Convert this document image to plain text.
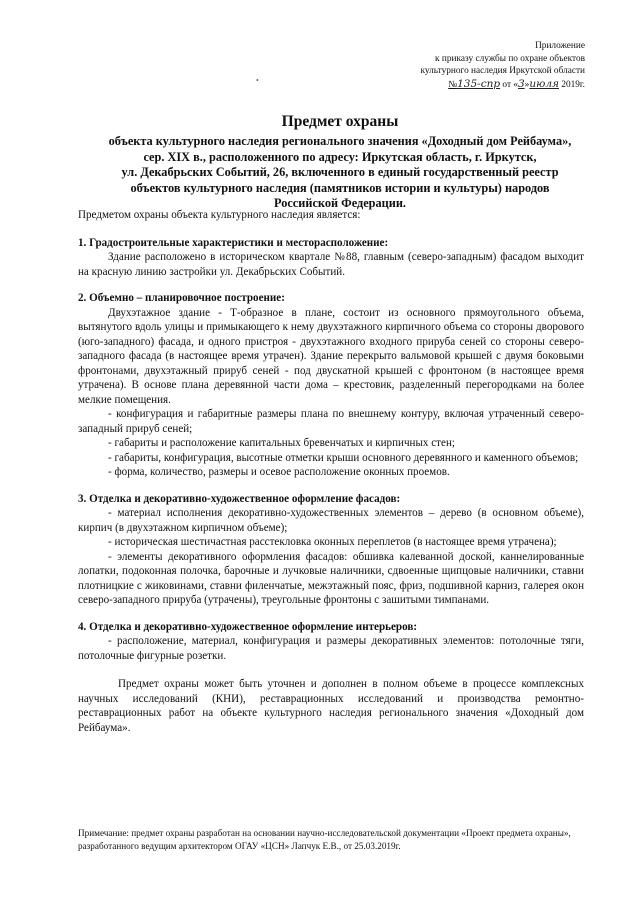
•
Приложение
к приказу службы по охране объектов
культурного наследия Иркутской области
№135-спр от «3»июля 2019г.
Предмет охраны
объекта культурного наследия регионального значения «Доходный дом Рейбаума»,
сер. XIX в., расположенного по адресу: Иркутская область, г. Иркутск,
ул. Декабрьских Событий, 26, включенного в единый государственный реестр
объектов культурного наследия (памятников истории и культуры) народов
Российской Федерации.

Предметом охраны объекта культурного наследия является:

1. Градостроительные характеристики и месторасположение:

Здание расположено в историческом квартале №88, главным (северо-западным) фасадом выходит на красную линию застройки ул. Декабрьских Событий.

2. Объемно – планировочное построение:

Двухэтажное здание - Т-образное в плане, состоит из основного прямоугольного объема, вытянутого вдоль улицы и примыкающего к нему двухэтажного кирпичного объема со стороны дворового (юго-западного) фасада, и одного пристроя - двухэтажного входного прируба сеней со стороны северо-западного фасада (в настоящее время утрачен). Здание перекрыто вальмовой крышей с двумя боковыми фронтонами, двухэтажный прируб сеней - под двускатной крышей с фронтоном (в настоящее время утрачена). В основе плана деревянной части дома – крестовик, разделенный перегородками на более мелкие помещения.

- конфигурация и габаритные размеры плана по внешнему контуру, включая утраченный северо-западный прируб сеней;

- габариты и расположение капитальных бревенчатых и кирпичных стен;

- габариты, конфигурация, высотные отметки крыши основного деревянного и каменного объемов;

- форма, количество, размеры и осевое расположение оконных проемов.

3. Отделка и декоративно-художественное оформление фасадов:

- материал исполнения декоративно-художественных элементов – дерево (в основном объеме), кирпич (в двухэтажном кирпичном объеме);

- историческая шестичастная расстекловка оконных переплетов (в настоящее время утрачена);

- элементы декоративного оформления фасадов: обшивка калеванной доской, каннелированные лопатки, подоконная полочка, барочные и лучковые наличники, сдвоенные щипцовые наличники, ставни плотницкие с жиковинами, ставни филенчатые, межэтажный пояс, фриз, подшивной карниз, галерея окон северо-западного прируба (утрачены), треугольные фронтоны с зашитыми тимпанами.

4. Отделка и декоративно-художественное оформление интерьеров:

- расположение, материал, конфигурация и размеры декоративных элементов: потолочные тяги, потолочные фигурные розетки.

Предмет охраны может быть уточнен и дополнен в полном объеме в процессе комплексных научных исследований (КНИ), реставрационных исследований и производства ремонтно-реставрационных работ на объекте культурного наследия регионального значения «Доходный дом Рейбаума».

Примечание: предмет охраны разработан на основании научно-исследовательской документации «Проект предмета охраны», разработанного ведущим архитектором ОГАУ «ЦСН» Лапчук Е.В., от 25.03.2019г.
